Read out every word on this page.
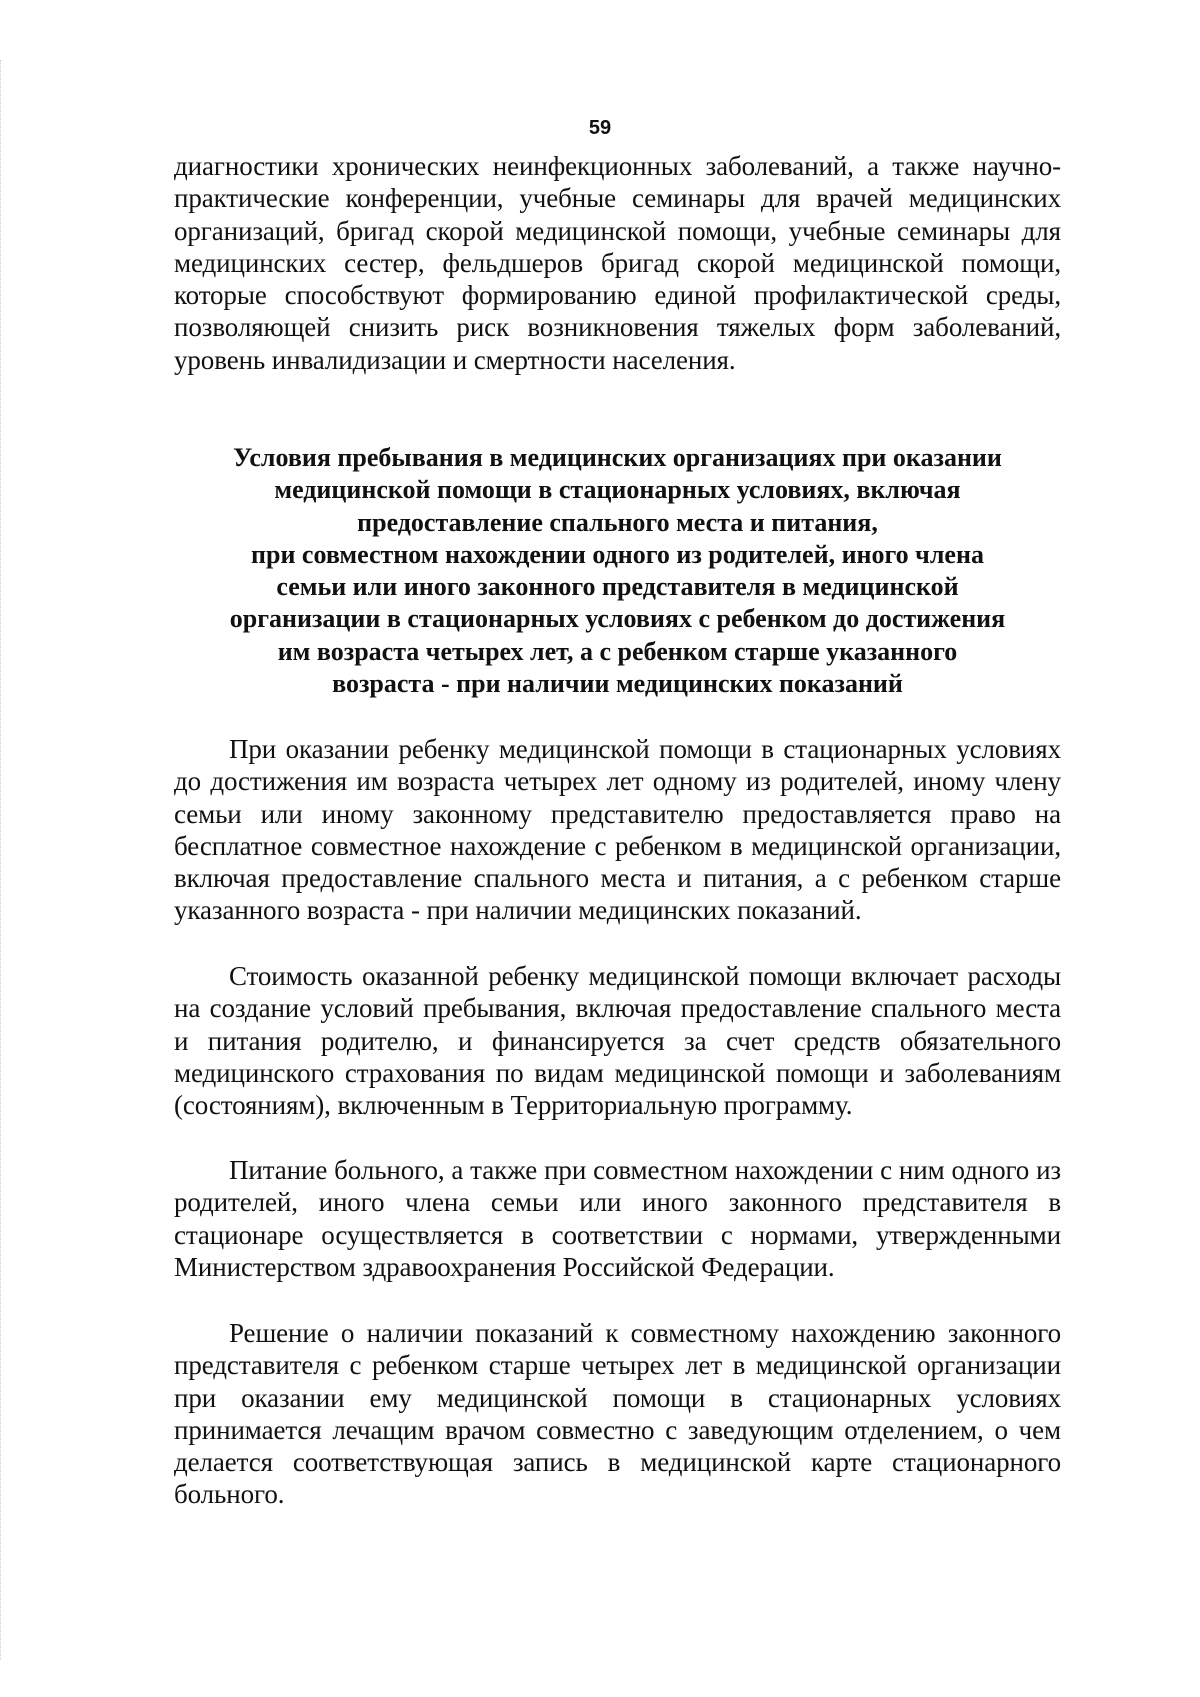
59

диагностики хронических неинфекционных заболеваний, а также научно-практические конференции, учебные семинары для врачей медицинских организаций, бригад скорой медицинской помощи, учебные семинары для медицинских сестер, фельдшеров бригад скорой медицинской помощи, которые способствуют формированию единой профилактической среды, позволяющей снизить риск возникновения тяжелых форм заболеваний, уровень инвалидизации и смертности населения.

Условия пребывания в медицинских организациях при оказании
медицинской помощи в стационарных условиях, включая
предоставление спального места и питания,
при совместном нахождении одного из родителей, иного члена
семьи или иного законного представителя в медицинской
организации в стационарных условиях с ребенком до достижения
им возраста четырех лет, а с ребенком старше указанного
возраста - при наличии медицинских показаний

При оказании ребенку медицинской помощи в стационарных условиях до достижения им возраста четырех лет одному из родителей, иному члену семьи или иному законному представителю предоставляется право на бесплатное совместное нахождение с ребенком в медицинской организации, включая предоставление спального места и питания, а с ребенком старше указанного возраста - при наличии медицинских показаний.

Стоимость оказанной ребенку медицинской помощи включает расходы на создание условий пребывания, включая предоставление спального места и питания родителю, и финансируется за счет средств обязательного медицинского страхования по видам медицинской помощи и заболеваниям (состояниям), включенным в Территориальную программу.

Питание больного, а также при совместном нахождении с ним одного из родителей, иного члена семьи или иного законного представителя в стационаре осуществляется в соответствии с нормами, утвержденными Министерством здравоохранения Российской Федерации.

Решение о наличии показаний к совместному нахождению законного представителя с ребенком старше четырех лет в медицинской организации при оказании ему медицинской помощи в стационарных условиях принимается лечащим врачом совместно с заведующим отделением, о чем делается соответствующая запись в медицинской карте стационарного больного.
